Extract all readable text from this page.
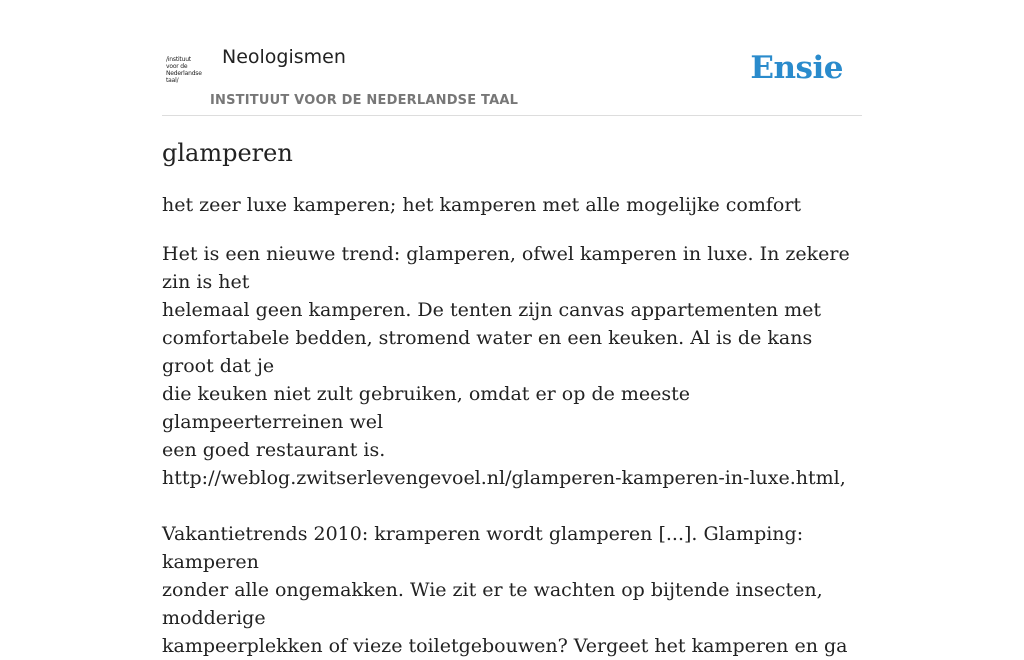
/instituut
voor de
Nederlandse
taal/
Neologismen
INSTITUUT VOOR DE NEDERLANDSE TAAL
Ensie
glamperen
het zeer luxe kamperen; het kamperen met alle mogelijke comfort
Het is een nieuwe trend: glamperen, ofwel kamperen in luxe. In zekere zin is het
helemaal geen kamperen. De tenten zijn canvas appartementen met
comfortabele bedden, stromend water en een keuken. Al is de kans groot dat je
die keuken niet zult gebruiken, omdat er op de meeste glampeerterreinen wel
een goed restaurant is.
http://weblog.zwitserlevengevoel.nl/glamperen-kamperen-in-luxe.html,
Vakantietrends 2010: kramperen wordt glamperen [...]. Glamping: kamperen
zonder alle ongemakken. Wie zit er te wachten op bijtende insecten, modderige
kampeerplekken of vieze toiletgebouwen? Vergeet het kamperen en ga
